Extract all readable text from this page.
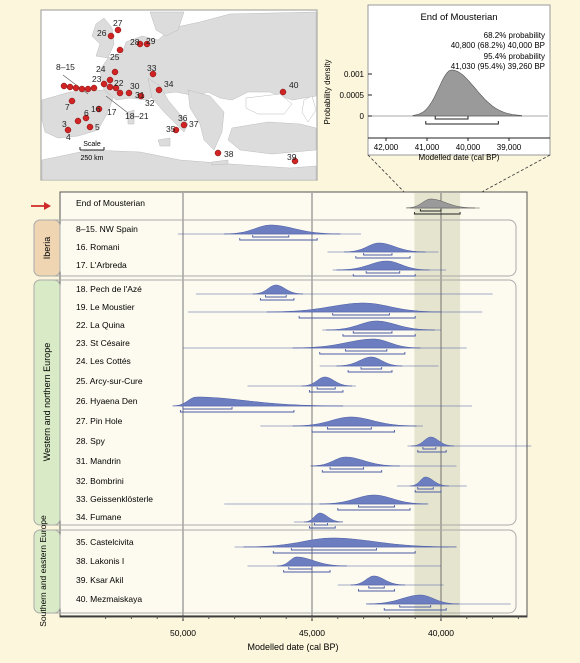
27
26
28 29
25
24	33
8–15
23	34	40
22 30
31
32
7	16 17 18–21
6	36
5
3	37
35
4
38	39
Scale
250 km
End of Mousterian
68.2% probability
40,800 (68.2%) 40,000 BP
95.4% probability
41,030 (95.4%) 39,260 BP
Probability density 0.001
0.0005
0
42,000 41,000 40,000 39,000
Modelled date (cal BP)
Iberia
Western and northern Europe
Southern and eastern Europe
End of Mousterian
8–15. NW Spain
16. Romani
17. L'Arbreda
18. Pech de l'Azé
19. Le Moustier
22. La Quina
23. St Césaire
24. Les Cottés
25. Arcy-sur-Cure
26. Hyaena Den
27. Pin Hole
28. Spy
31. Mandrin
32. Bombrini
33. Geissenklösterle
34. Fumane
35. Castelcivita
38. Lakonis I
39. Ksar Akil
40. Mezmaiskaya
50,000	45,000	40,000
Modelled date (cal BP)
